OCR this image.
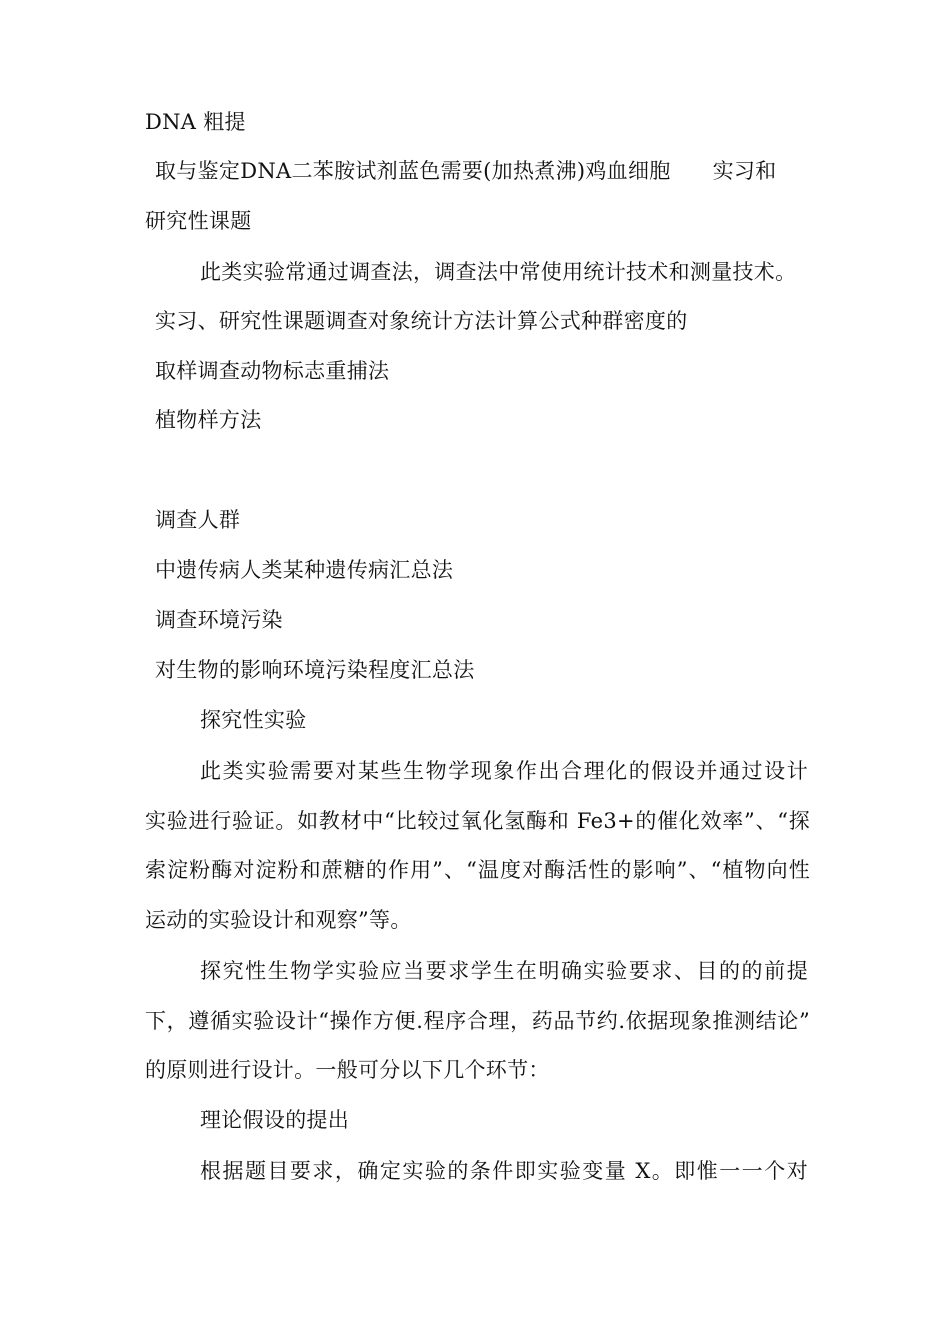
DNA 粗提
取与鉴定DNA二苯胺试剂蓝色需要(加热煮沸)鸡血细胞 实习和
研究性课题
此类实验常通过调查法，调查法中常使用统计技术和测量技术。
实习、研究性课题调查对象统计方法计算公式种群密度的
取样调查动物标志重捕法
植物样方法
调查人群
中遗传病人类某种遗传病汇总法
调查环境污染
对生物的影响环境污染程度汇总法
探究性实验
此类实验需要对某些生物学现象作出合理化的假设并通过设计
实验进行验证。如教材中“比较过氧化氢酶和 Fe3+的催化效率”、“探
索淀粉酶对淀粉和蔗糖的作用”、“温度对酶活性的影响”、“植物向性
运动的实验设计和观察”等。
探究性生物学实验应当要求学生在明确实验要求、目的的前提
下，遵循实验设计“操作方便.程序合理，药品节约.依据现象推测结论”
的原则进行设计。一般可分以下几个环节：
理论假设的提出
根据题目要求，确定实验的条件即实验变量 X。即惟一一个对
